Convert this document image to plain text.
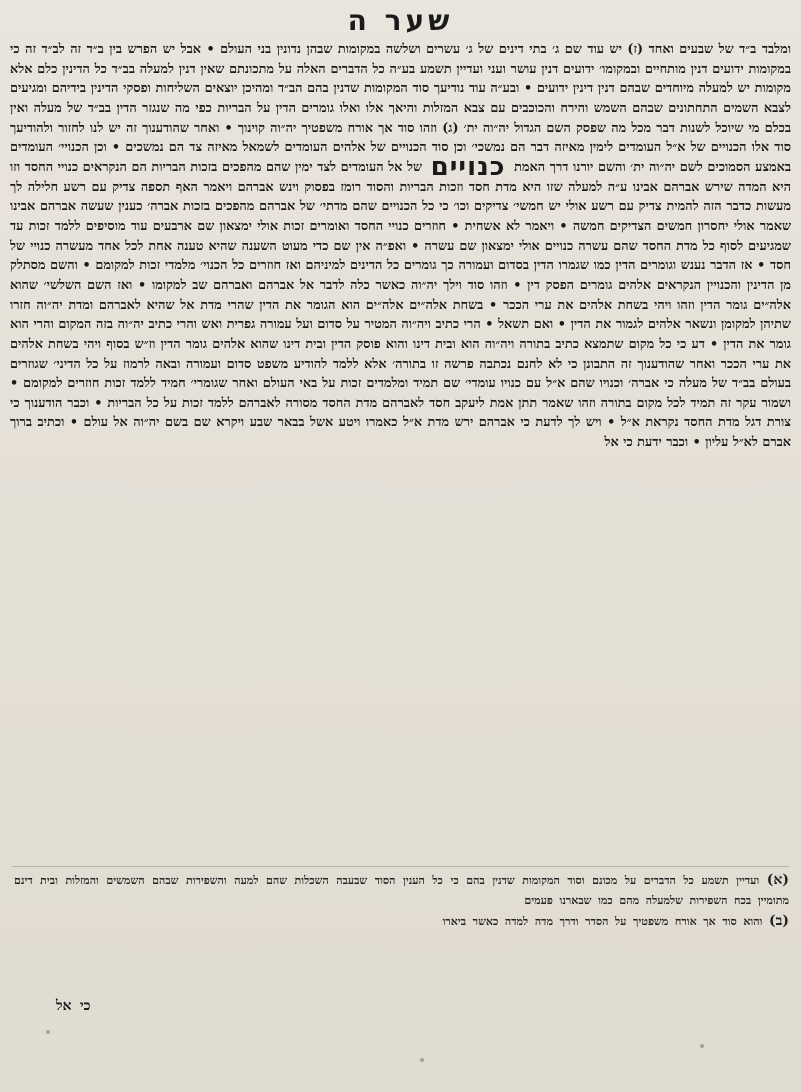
שער ה
ומלבד ב״ד של שבעים ואחד (ז) יש עוד שם ג׳ בתי דינים של ג׳ עשרים ושלשה במקומות שבהן נדונין בני העולם • אבל יש הפרש בין ב״ד זה לב״ד זה כי במקומות ידועים דנין מותחיים ובמקומו׳ ידועים דנין עושר ועני ועדיין תשמע בע״ה כל הדברים האלה על מתכונתם שאין דנין למעלה בב״ד כל הדינין כלם אלא מקומות יש למעלה מיוחדים שבהם דנין דינין ידועים • ובע״ה עוד נודיעך סוד המקומות שדנין בהם הב״ד ומהיכן יוצאים השליחות ופסקי הדינין בידיהם ומגיעים לצבא השמים התחתונים שבהם השמש והירח והכוכבים עם צבא המזלות והיאך אלו ואלו גומרים הדין על הבריות כפי מה שנגזר הדין בב״ד של מעלה ואין בכלם מי שיוכל לשנות דבר מכל מה שפסק השם הגדול יה״וה ית׳ (ג) וזהו סוד אך אורח משפטיך יה״וה קוינוך • ואחר שהודענוך זה יש לנו לחזור ולהודיעך סוד אלו הכנויים של א״ל העומדים לימין מאיזה דבר הם נמשכי׳ וכן סוד הכנויים של אלהים העומדים לשמאל מאיזה צד הם נמשכים • וכן הכנויי׳ העומדים באמצע הסמוכים לשם יה״וה ית׳ והשם יורנו דרך האמת כנויים של אל העומדים לצד ימין שהם מהפכים בזכות הבריות הם הנקראים כנויי החסד וזו היא המדה שירש אברהם אבינו ע״ה למעלה שזו היא מדת חסד וזכות הבריות והסוד רומז בפסוק וינש אברהם ויאמר האף תספה צדיק עם רשע חלילה לך מעשות כדבר הזה להמית צדיק עם רשע אולי יש חמשי׳ צדיקים וכו׳ כי כל הכנויים שהם מדתי׳ של אברהם מהפכים בזכות אברה׳ כענין שעשה אברהם אבינו שאמר אולי יחסרון חמשים הצדיקים חמשה • ויאמר לא אשחית • חוזרים כנויי החסד ואומרים זכות אולי ימצאון שם ארבעים עוד מוסיפים ללמד זכות עד שמגיעים לסוף כל מדת החסד שהם עשרה כנויים אולי ימצאון שם עשרה • ואפ״ה אין שם כדי מעוט השענה שהיא טענה אחת לכל אחד מעשרה כנויי של חסד • אז הדבר נענש וגומרים הדין כמו שגמרו הדין בסדום ועמורה כך גומרים כל הדינים למיניהם ואז חוזרים כל הכנוי׳ מלמדי זכות למקומם • והשם מסתלק מן הדינין והכנויין הנקראים אלהים גומרים הפסק דין • וזהו סוד וילך יה״וה כאשר כלה לדבר אל אברהם ואברהם שב למקומו • ואז השם השלשי׳ שהוא אלה״ים גומר הדין וזהו ויהי בשחת אלהים את ערי הככר • בשחת אלה״ים אלה״ים הוא הגומר את הדין שהרי מדת אל שהיא לאברהם ומדת יה״וה חזרו שתיהן למקומן ונשאר אלהים לגמור את הדין • ואם תשאל • הרי כתיב ויה״וה המטיר על סדום ועל עמורה גפרית ואש והרי כתיב יה״וה בזה המקום והרי הוא גומר את הדין • דע כי כל מקום שתמצא כתיב בתורה ויה״וה הוא ובית דינו והוא פוסק הדין ובית דינו שהוא אלהים גומר הדין וז״ש בסוף ויהי בשחת אלהים את ערי הככר ואחר שהודענוך זה התבונן כי לא לחנם נכתבה פרשה זו בתורה׳ אלא ללמד להודיע משפט סדום ועמורה ובאה לרמוז על כל הדיני׳ שגוזרים בעולם בב״ד של מעלה כי אברה׳ וכנויו שהם א״ל עם כנויו עומדי׳ שם תמיד ומלמדים זכות על באי העולם ואחר שגומרי׳ חמיד ללמד זכות חוזרים למקומם • ושמור עקר זה תמיד לכל מקום בתורה וזהו שאמר תתן אמת ליעקב חסד לאברהם מדת החסד מסורה לאברהם ללמד זכות על כל הבריות • וכבר הודענוך כי צורת דגל מדת החסד נקראת א״ל • ויש לך לדעת כי אברהם ירש מדת א״ל כאמרו ויטע אשל בבאר שבע ויקרא שם בשם יה״וה אל עולם • וכתיב ברוך אברם לא״ל עליון • וכבר ידעת כי אל
(א) ועדיין תשמע כל הדברים על מכונם וסוד המקומות שדנין בהם כי כל הענין הסוד שבעבה השכלות שהם למעה והשפירות שבהם השמשים והמזלות ובית דינם מתומיין בכח השפירות שלמעלה מהם כמו שבארנו פעמים
(ב) והוא סוד אך אורח משפטיך על הסדר ודרך מדה למדה כאשר ביארו
כי אל
